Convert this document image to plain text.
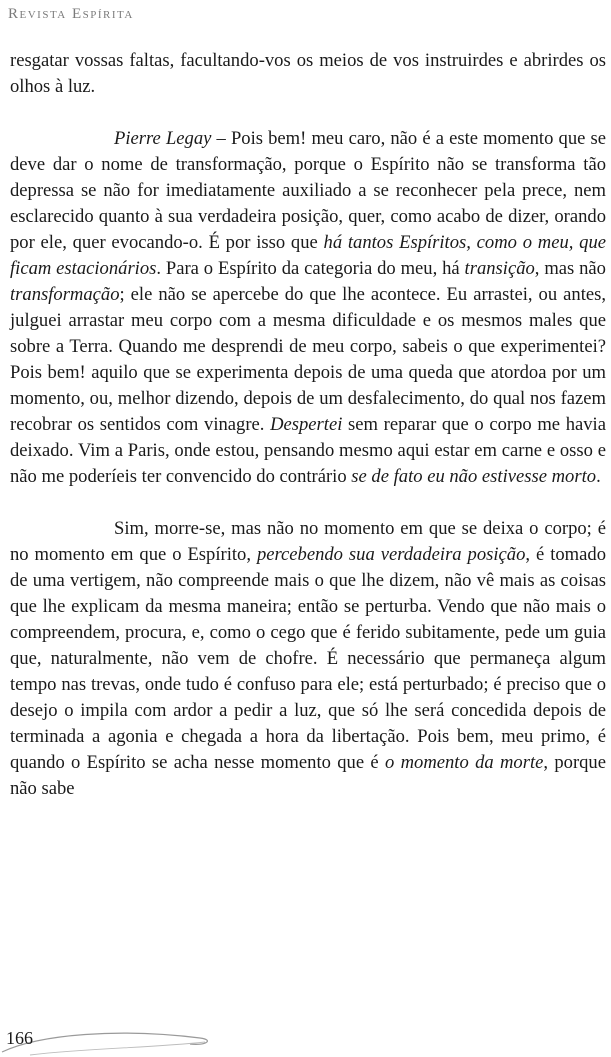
Revista Espírita

resgatar vossas faltas, facultando-vos os meios de vos instruirdes e abrirdes os olhos à luz.

Pierre Legay – Pois bem! meu caro, não é a este momento que se deve dar o nome de transformação, porque o Espírito não se transforma tão depressa se não for imediatamente auxiliado a se reconhecer pela prece, nem esclarecido quanto à sua verdadeira posição, quer, como acabo de dizer, orando por ele, quer evocando-o. É por isso que há tantos Espíritos, como o meu, que ficam estacionários. Para o Espírito da categoria do meu, há transição, mas não transformação; ele não se apercebe do que lhe acontece. Eu arrastei, ou antes, julguei arrastar meu corpo com a mesma dificuldade e os mesmos males que sobre a Terra. Quando me desprendi de meu corpo, sabeis o que experimentei? Pois bem! aquilo que se experimenta depois de uma queda que atordoa por um momento, ou, melhor dizendo, depois de um desfalecimento, do qual nos fazem recobrar os sentidos com vinagre. Despertei sem reparar que o corpo me havia deixado. Vim a Paris, onde estou, pensando mesmo aqui estar em carne e osso e não me poderíeis ter convencido do contrário se de fato eu não estivesse morto.

Sim, morre-se, mas não no momento em que se deixa o corpo; é no momento em que o Espírito, percebendo sua verdadeira posição, é tomado de uma vertigem, não compreende mais o que lhe dizem, não vê mais as coisas que lhe explicam da mesma maneira; então se perturba. Vendo que não mais o compreendem, procura, e, como o cego que é ferido subitamente, pede um guia que, naturalmente, não vem de chofre. É necessário que permaneça algum tempo nas trevas, onde tudo é confuso para ele; está perturbado; é preciso que o desejo o impila com ardor a pedir a luz, que só lhe será concedida depois de terminada a agonia e chegada a hora da libertação. Pois bem, meu primo, é quando o Espírito se acha nesse momento que é o momento da morte, porque não sabe

166
